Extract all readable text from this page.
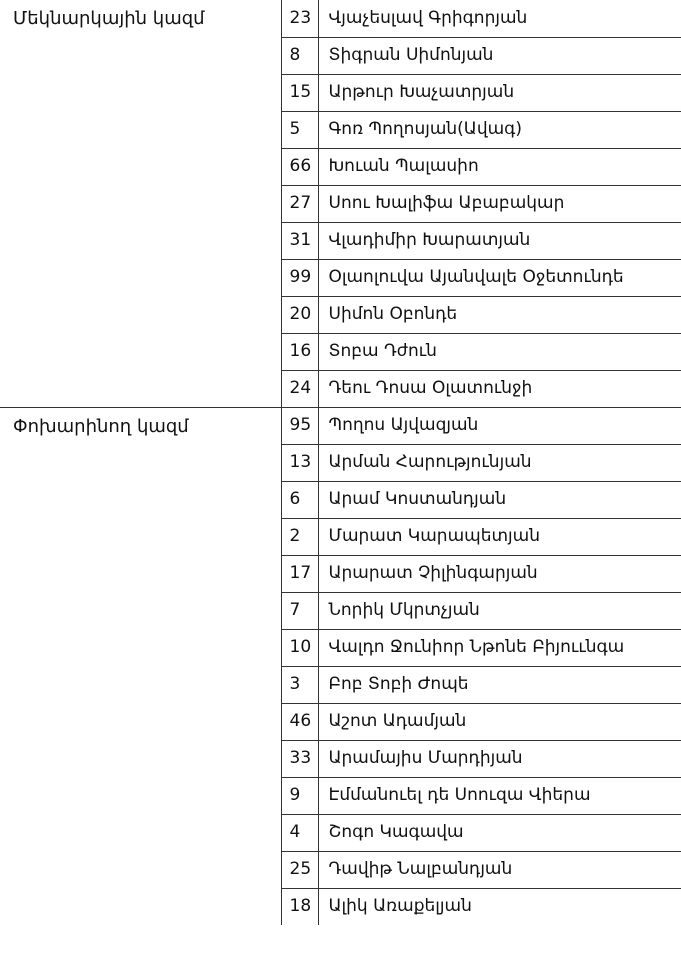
Մեկնարկային կազմ	23	Վյաչեսլավ Գրիգորյան
	8	Տիգրան Սիմոնյան
	15	Արթուր Խաչատրյան
	5	Գոռ Պողոսյան(Ավագ)
	66	Խուան Պալասիո
	27	Սոու Խալիֆա Աբաբակար
	31	Վլադիմիր Խարատյան
	99	Օլաոլուվա Այանվալե Օջետունդե
	20	Սիմոն Օբոնդե
	16	Տոբա Դժուն
	24	Դեու Դոսա Օլատունջի
Փոխարինող կազմ	95	Պողոս Այվազյան
	13	Արման Հարությունյան
	6	Արամ Կոստանդյան
	2	Մարատ Կարապետյան
	17	Արարատ Չիլինգարյան
	7	Նորիկ Մկրտչյան
	10	Վալդո Ջունիոր Նթոնե Բիյոււնգա
	3	Բոբ Տոբի Ժոպե
	46	Աշոտ Ադամյան
	33	Արամայիս Մարդիյան
	9	Էմմանուել դե Սոուզա Վիերա
	4	Շոգո Կագավա
	25	Դավիթ Նալբանդյան
	18	Ալիկ Առաքելյան
